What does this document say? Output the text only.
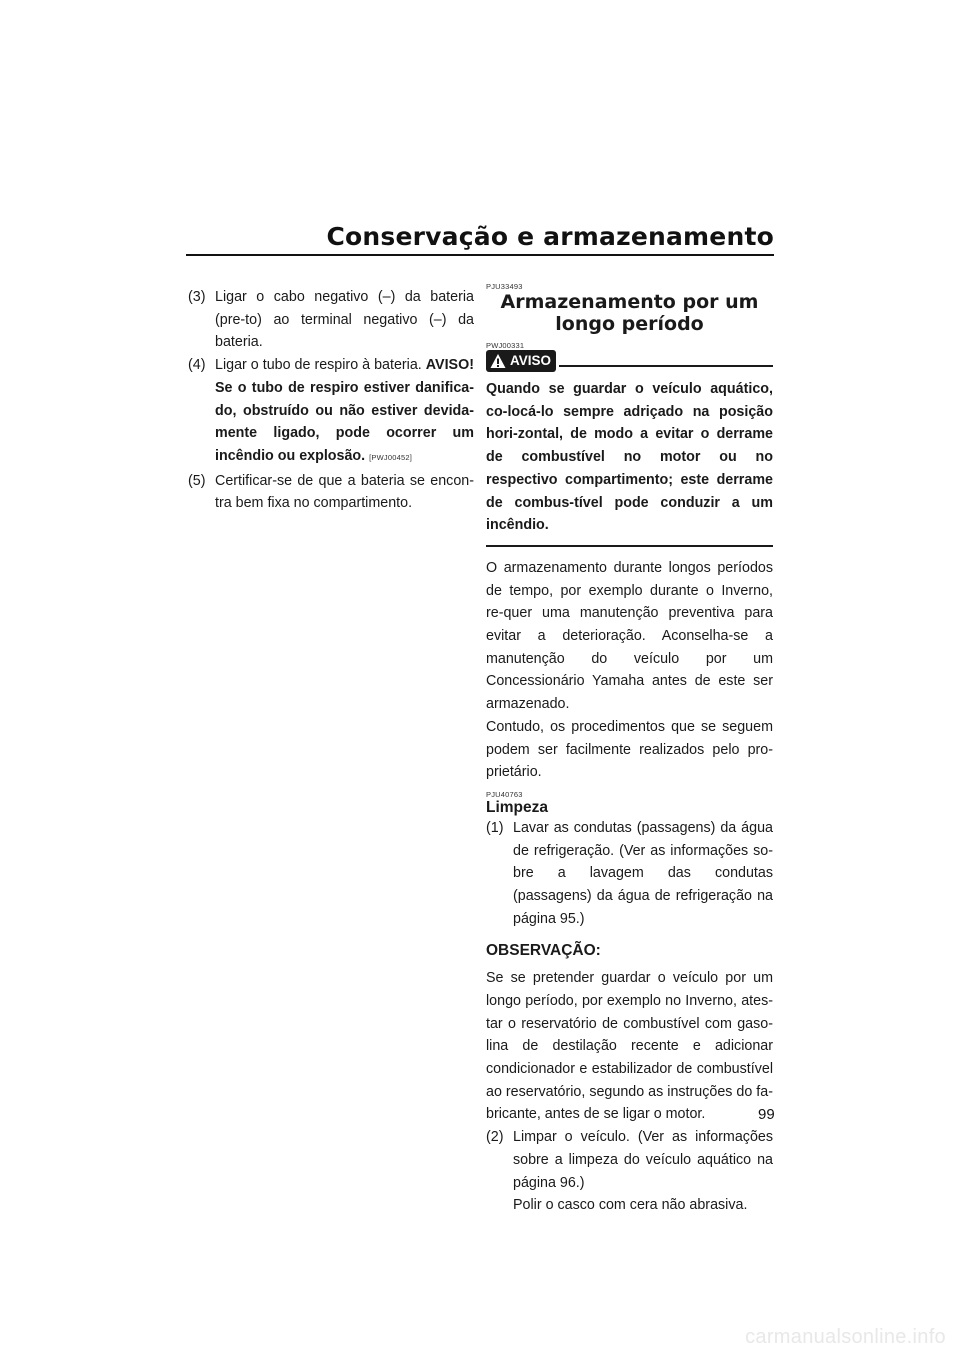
Conservação e armazenamento
(3) Ligar o cabo negativo (–) da bateria (pre-to) ao terminal negativo (–) da bateria.
(4) Ligar o tubo de respiro à bateria. AVISO! Se o tubo de respiro estiver danifica-do, obstruído ou não estiver devida-mente ligado, pode ocorrer um incêndio ou explosão. [PWJ00452]
(5) Certificar-se de que a bateria se encon-tra bem fixa no compartimento.
PJU33493
Armazenamento por um longo período
PWJ00331
AVISO
Quando se guardar o veículo aquático, co-locá-lo sempre adriçado na posição hori-zontal, de modo a evitar o derrame de combustível no motor ou no respectivo compartimento; este derrame de combus-tível pode conduzir a um incêndio.
O armazenamento durante longos períodos de tempo, por exemplo durante o Inverno, re-quer uma manutenção preventiva para evitar a deterioração. Aconselha-se a manutenção do veículo por um Concessionário Yamaha antes de este ser armazenado.
Contudo, os procedimentos que se seguem podem ser facilmente realizados pelo pro-prietário.
PJU40763
Limpeza
(1) Lavar as condutas (passagens) da água de refrigeração. (Ver as informações so-bre a lavagem das condutas (passagens) da água de refrigeração na página 95.)
OBSERVAÇÃO:
Se se pretender guardar o veículo por um longo período, por exemplo no Inverno, ates-tar o reservatório de combustível com gaso-lina de destilação recente e adicionar condicionador e estabilizador de combustível ao reservatório, segundo as instruções do fa-bricante, antes de se ligar o motor.
(2) Limpar o veículo. (Ver as informações sobre a limpeza do veículo aquático na página 96.)
Polir o casco com cera não abrasiva.
99
carmanualsonline.info
